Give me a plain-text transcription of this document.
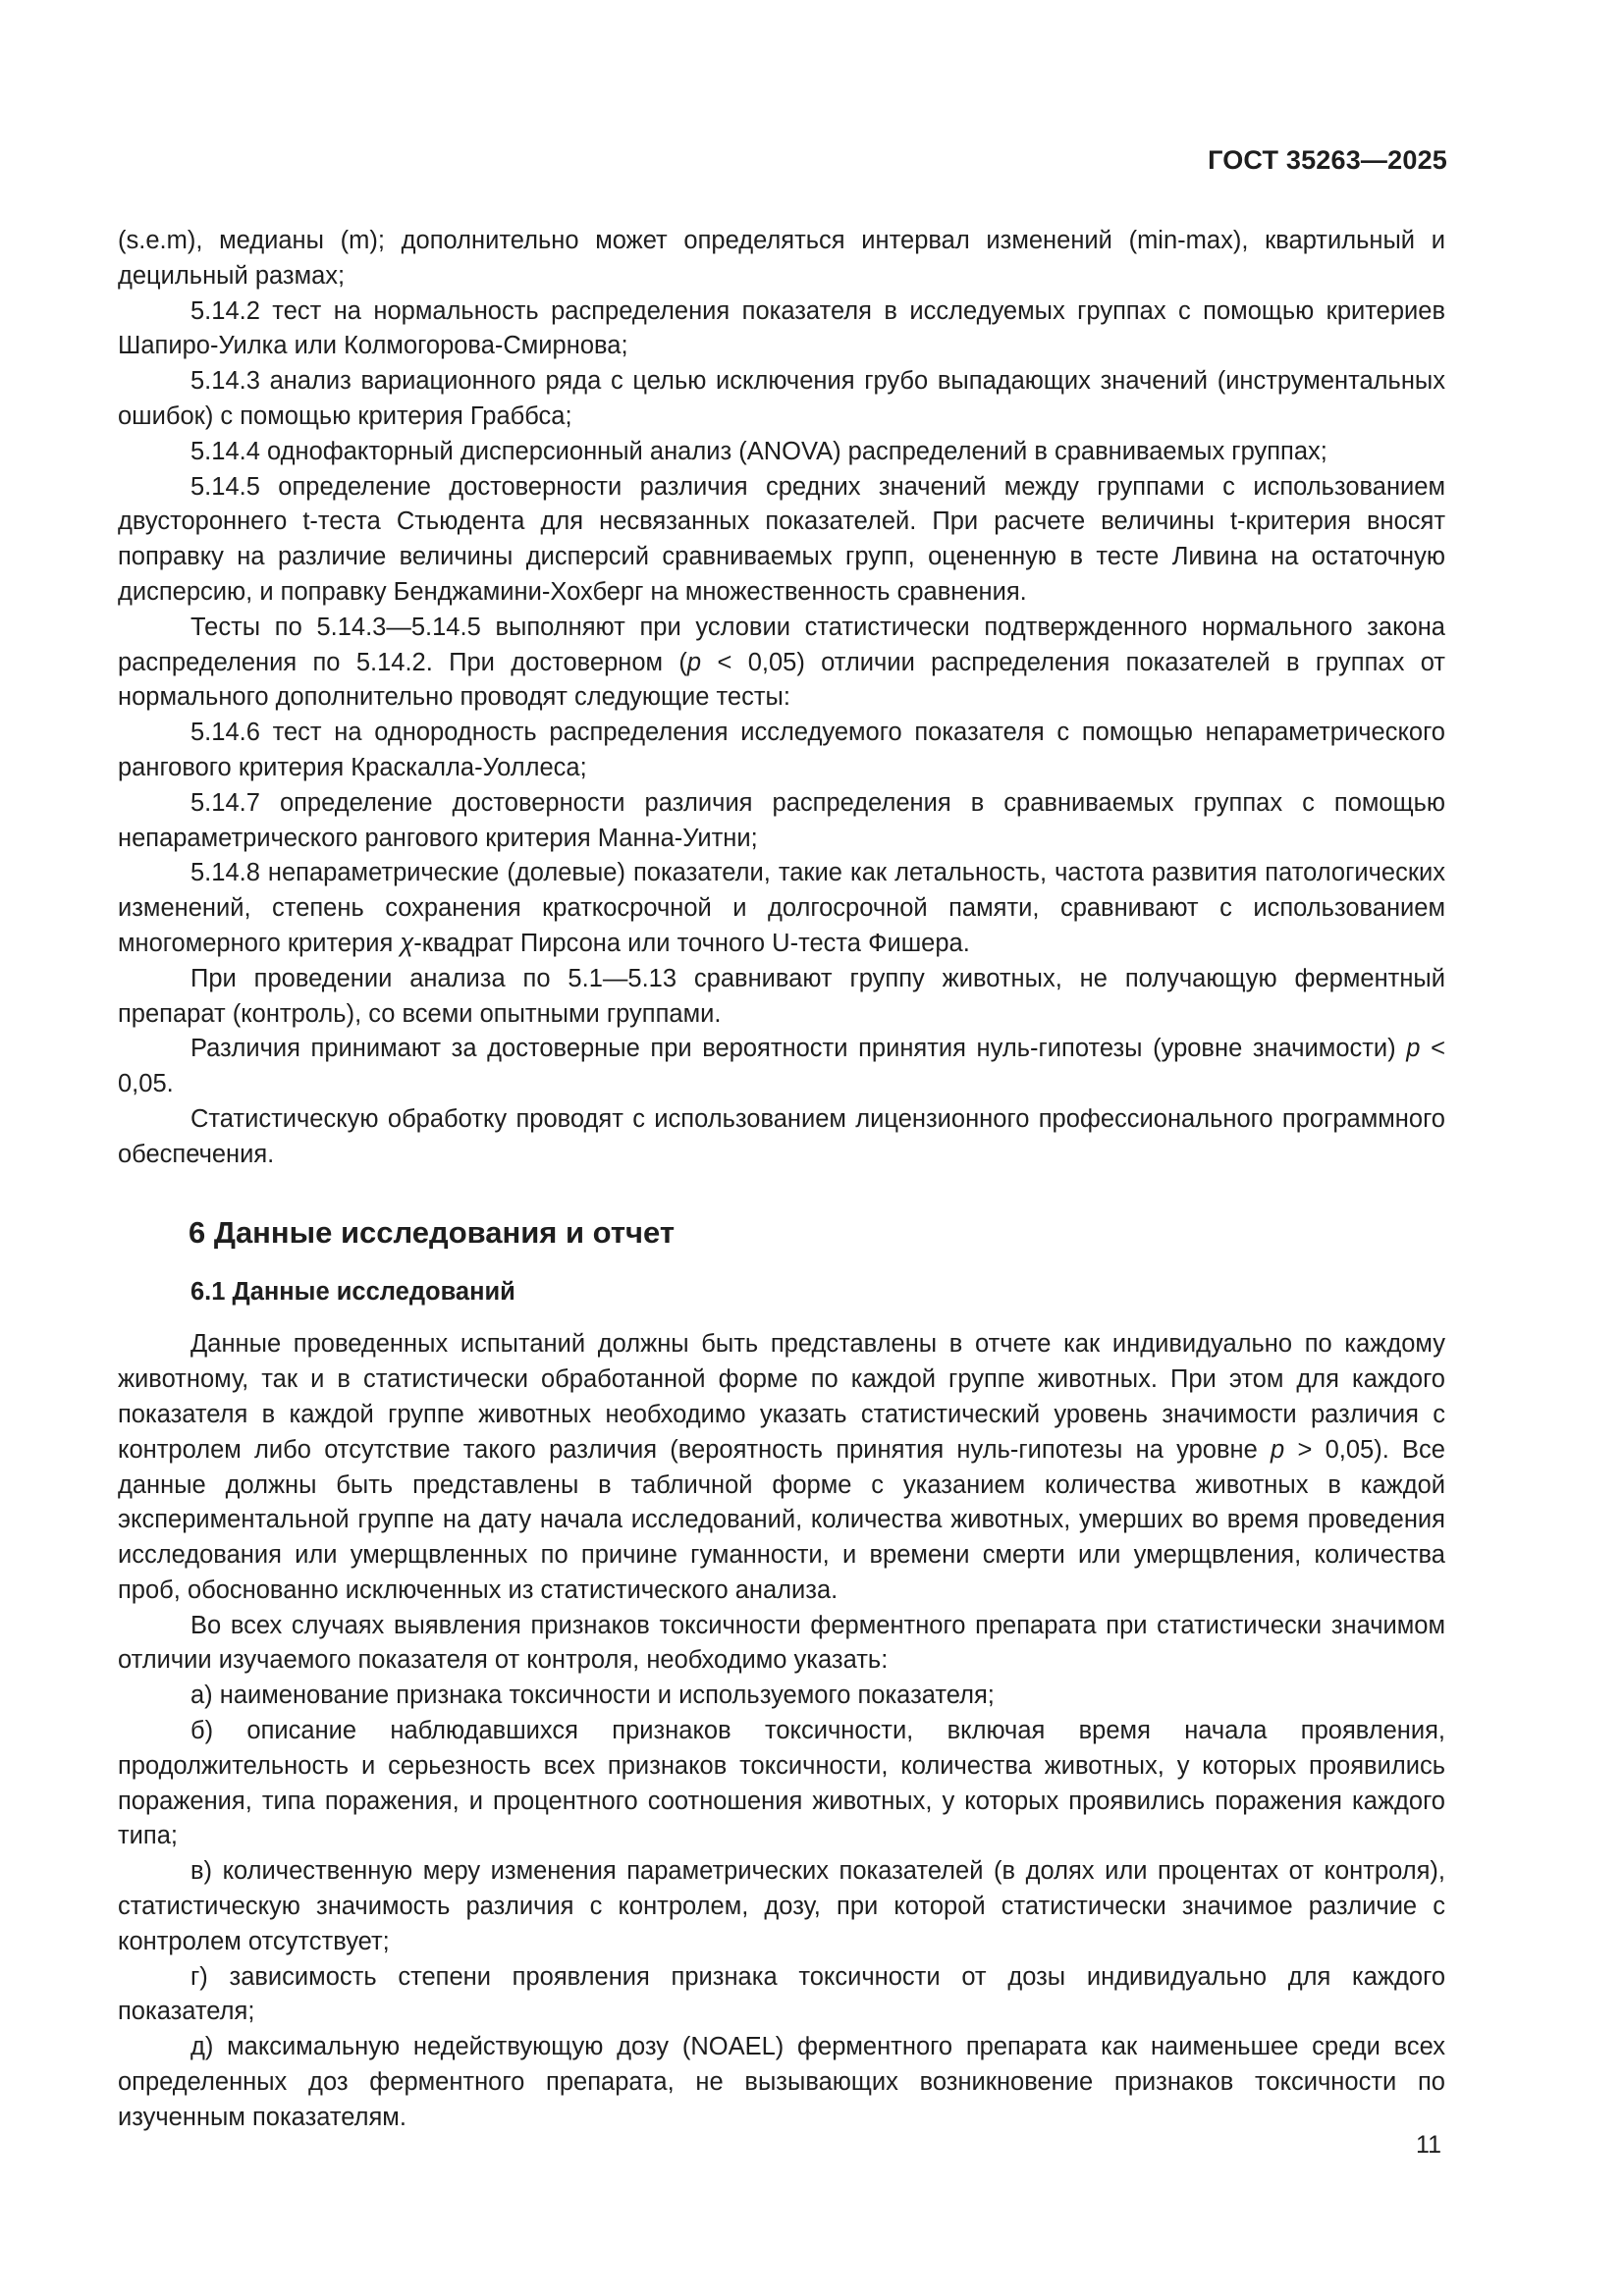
ГОСТ 35263—2025

(s.e.m), медианы (m); дополнительно может определяться интервал изменений (min-max), квартильный и децильный размах;

5.14.2 тест на нормальность распределения показателя в исследуемых группах с помощью критериев Шапиро-Уилка или Колмогорова-Смирнова;

5.14.3 анализ вариационного ряда с целью исключения грубо выпадающих значений (инструментальных ошибок) с помощью критерия Граббса;

5.14.4 однофакторный дисперсионный анализ (ANOVA) распределений в сравниваемых группах;

5.14.5 определение достоверности различия средних значений между группами с использованием двустороннего t-теста Стьюдента для несвязанных показателей. При расчете величины t-критерия вносят поправку на различие величины дисперсий сравниваемых групп, оцененную в тесте Ливина на остаточную дисперсию, и поправку Бенджамини-Хохберг на множественность сравнения.

Тесты по 5.14.3—5.14.5 выполняют при условии статистически подтвержденного нормального закона распределения по 5.14.2. При достоверном (p < 0,05) отличии распределения показателей в группах от нормального дополнительно проводят следующие тесты:

5.14.6 тест на однородность распределения исследуемого показателя с помощью непараметрического рангового критерия Краскалла-Уоллеса;

5.14.7 определение достоверности различия распределения в сравниваемых группах с помощью непараметрического рангового критерия Манна-Уитни;

5.14.8 непараметрические (долевые) показатели, такие как летальность, частота развития патологических изменений, степень сохранения краткосрочной и долгосрочной памяти, сравнивают с использованием многомерного критерия χ-квадрат Пирсона или точного U-теста Фишера.

При проведении анализа по 5.1—5.13 сравнивают группу животных, не получающую ферментный препарат (контроль), со всеми опытными группами.

Различия принимают за достоверные при вероятности принятия нуль-гипотезы (уровне значимости) p < 0,05.

Статистическую обработку проводят с использованием лицензионного профессионального программного обеспечения.

6 Данные исследования и отчет
6.1 Данные исследований

Данные проведенных испытаний должны быть представлены в отчете как индивидуально по каждому животному, так и в статистически обработанной форме по каждой группе животных. При этом для каждого показателя в каждой группе животных необходимо указать статистический уровень значимости различия с контролем либо отсутствие такого различия (вероятность принятия нуль-гипотезы на уровне p > 0,05). Все данные должны быть представлены в табличной форме с указанием количества животных в каждой экспериментальной группе на дату начала исследований, количества животных, умерших во время проведения исследования или умерщвленных по причине гуманности, и времени смерти или умерщвления, количества проб, обоснованно исключенных из статистического анализа.

Во всех случаях выявления признаков токсичности ферментного препарата при статистически значимом отличии изучаемого показателя от контроля, необходимо указать:

а) наименование признака токсичности и используемого показателя;

б) описание наблюдавшихся признаков токсичности, включая время начала проявления, продолжительность и серьезность всех признаков токсичности, количества животных, у которых проявились поражения, типа поражения, и процентного соотношения животных, у которых проявились поражения каждого типа;

в) количественную меру изменения параметрических показателей (в долях или процентах от контроля), статистическую значимость различия с контролем, дозу, при которой статистически значимое различие с контролем отсутствует;

г) зависимость степени проявления признака токсичности от дозы индивидуально для каждого показателя;

д) максимальную недействующую дозу (NOAEL) ферментного препарата как наименьшее среди всех определенных доз ферментного препарата, не вызывающих возникновение признаков токсичности по изученным показателям.

11
